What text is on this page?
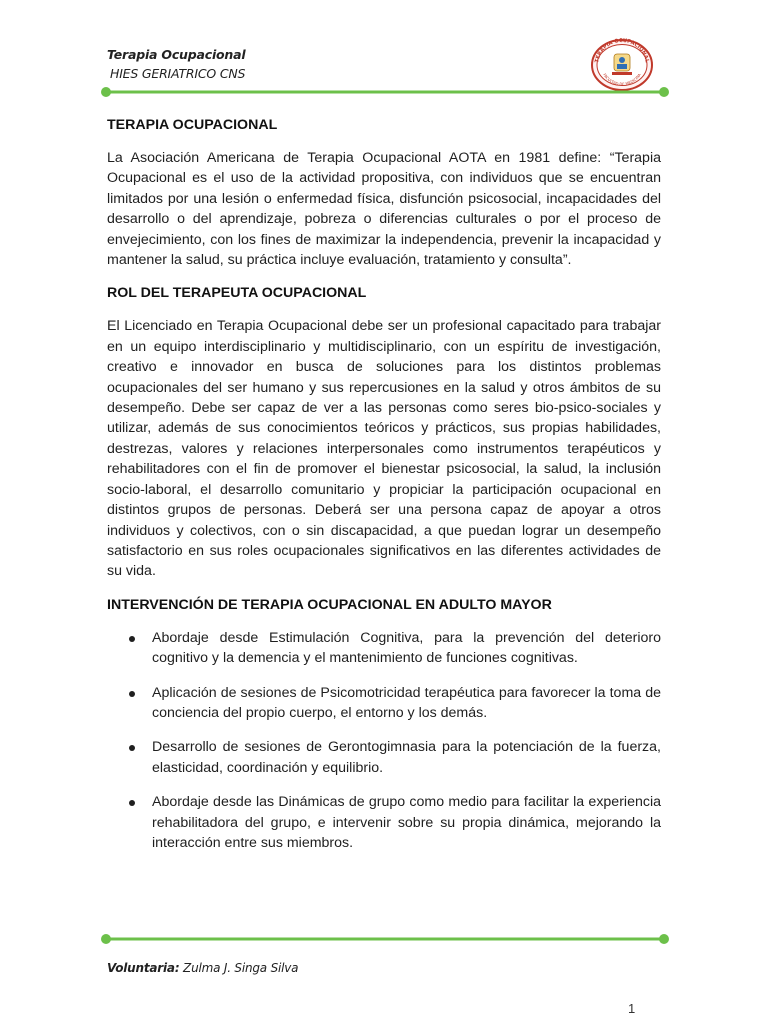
Terapia Ocupacional
HIES GERIATRICO CNS
TERAPIA OCUPACIONAL
FACULTAD DE MEDICINA
TERAPIA OCUPACIONAL

La Asociación Americana de Terapia Ocupacional AOTA en 1981 define: “Terapia Ocupacional es el uso de la actividad propositiva, con individuos que se encuentran limitados por una lesión o enfermedad física, disfunción psicosocial, incapacidades del desarrollo o del aprendizaje, pobreza o diferencias culturales o por el proceso de envejecimiento, con los fines de maximizar la independencia, prevenir la incapacidad y mantener la salud, su práctica incluye evaluación, tratamiento y consulta”.

ROL DEL TERAPEUTA OCUPACIONAL

El Licenciado en Terapia Ocupacional debe ser un profesional capacitado para trabajar en un equipo interdisciplinario y multidisciplinario, con un espíritu de investigación, creativo e innovador en busca de soluciones para los distintos problemas ocupacionales del ser humano y sus repercusiones en la salud y otros ámbitos de su desempeño. Debe ser capaz de ver a las personas como seres bio-psico-sociales y utilizar, además de sus conocimientos teóricos y prácticos, sus propias habilidades, destrezas, valores y relaciones interpersonales como instrumentos terapéuticos y rehabilitadores con el fin de promover el bienestar psicosocial, la salud, la inclusión socio-laboral, el desarrollo comunitario y propiciar la participación ocupacional en distintos grupos de personas. Deberá ser una persona capaz de apoyar a otros individuos y colectivos, con o sin discapacidad, a que puedan lograr un desempeño satisfactorio en sus roles ocupacionales significativos en las diferentes actividades de su vida.

INTERVENCIÓN DE TERAPIA OCUPACIONAL EN ADULTO MAYOR
Abordaje desde Estimulación Cognitiva, para la prevención del deterioro cognitivo y la demencia y el mantenimiento de funciones cognitivas.
Aplicación de sesiones de Psicomotricidad terapéutica para favorecer la toma de conciencia del propio cuerpo, el entorno y los demás.
Desarrollo de sesiones de Gerontogimnasia para la potenciación de la fuerza, elasticidad, coordinación y equilibrio.
Abordaje desde las Dinámicas de grupo como medio para facilitar la experiencia rehabilitadora del grupo, e intervenir sobre su propia dinámica, mejorando la interacción entre sus miembros.
Voluntaria: Zulma J. Singa Silva
1
